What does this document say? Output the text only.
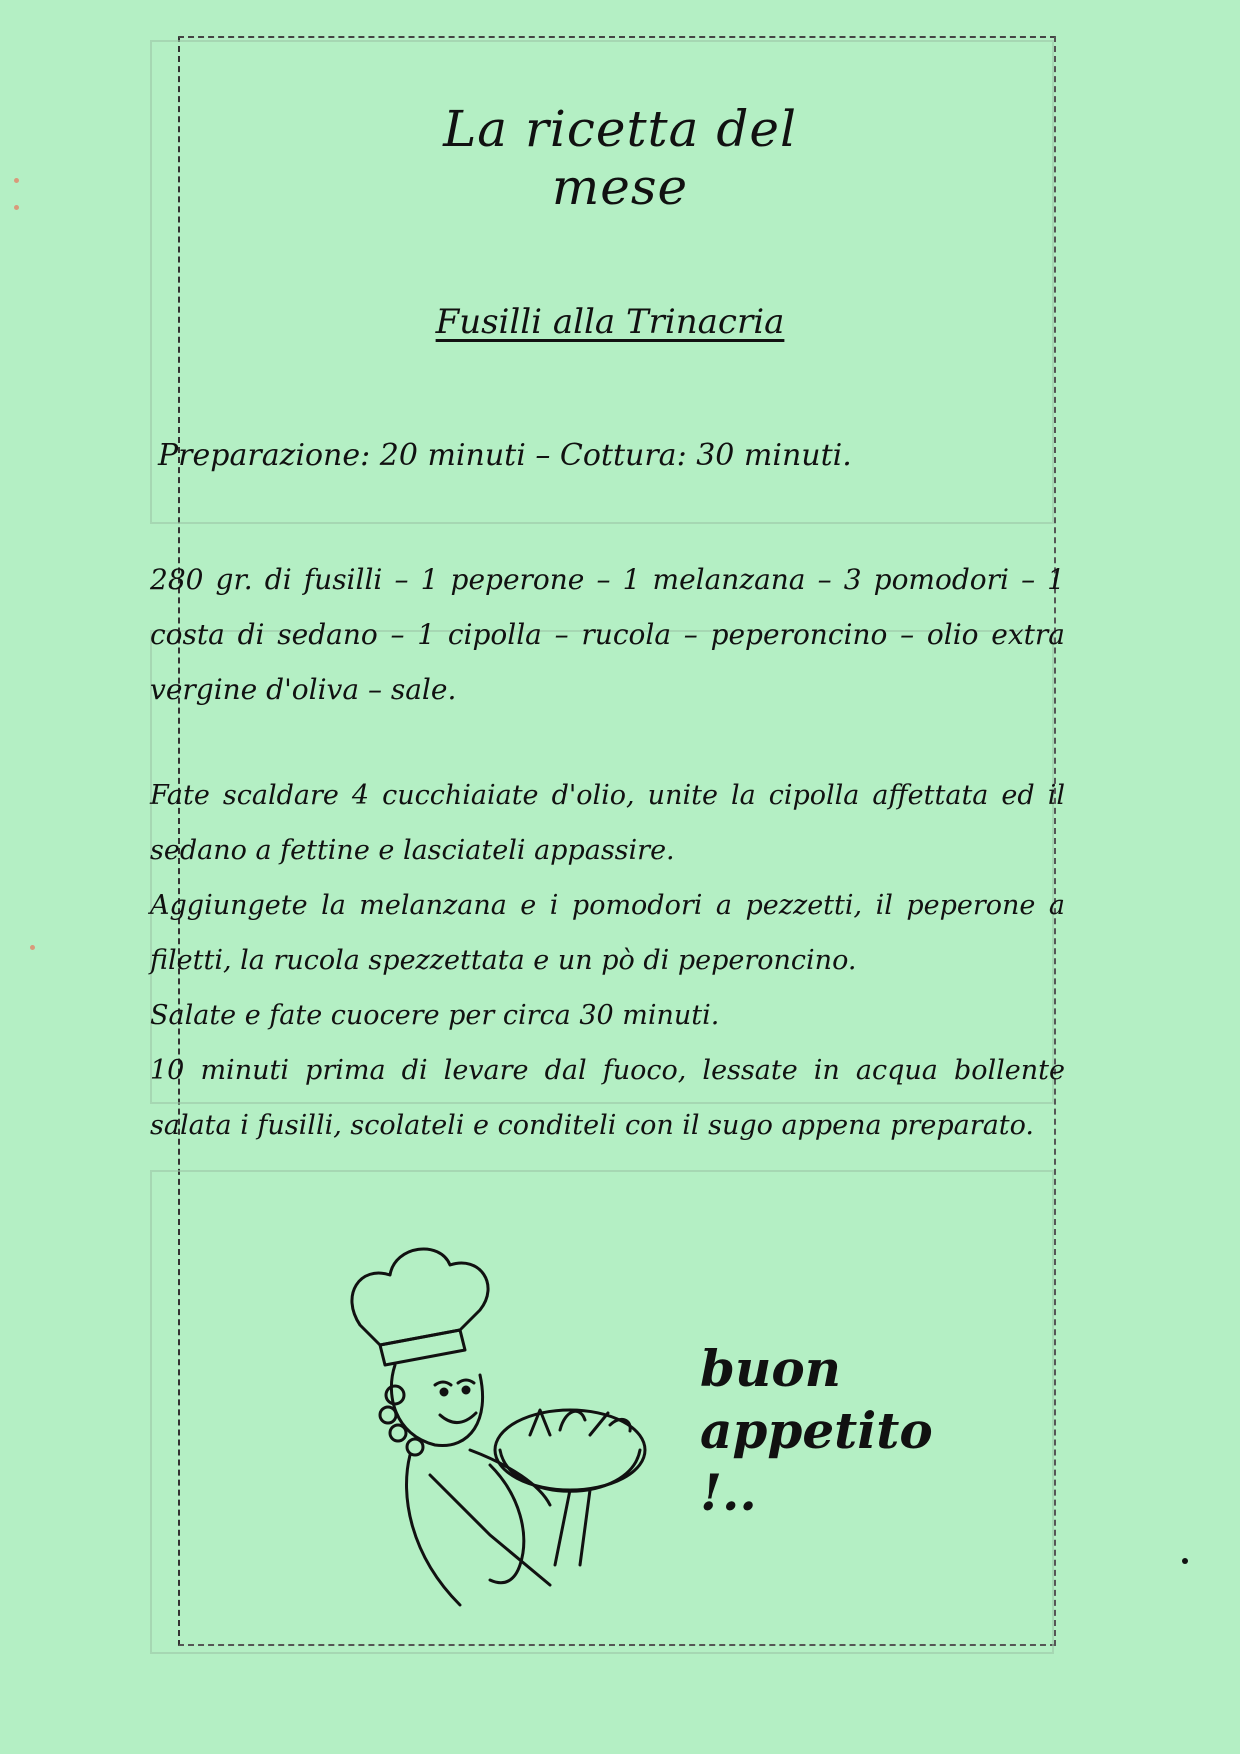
La ricetta del mese
Fusilli alla Trinacria
Preparazione: 20 minuti – Cottura: 30 minuti.
280 gr. di fusilli – 1 peperone – 1 melanzana – 3 pomodori – 1 costa di sedano – 1 cipolla – rucola – peperoncino – olio extra vergine d'oliva – sale.

Fate scaldare 4 cucchiaiate d'olio, unite la cipolla affettata ed il sedano a fettine e lasciateli appassire.

Aggiungete la melanzana e i pomodori a pezzetti, il peperone a filetti, la rucola spezzettata e un pò di peperoncino.

Salate e fate cuocere per circa 30 minuti.

10 minuti prima di levare dal fuoco, lessate in acqua bollente salata i fusilli, scolateli e conditeli con il sugo appena preparato.

buon

appetito !..
